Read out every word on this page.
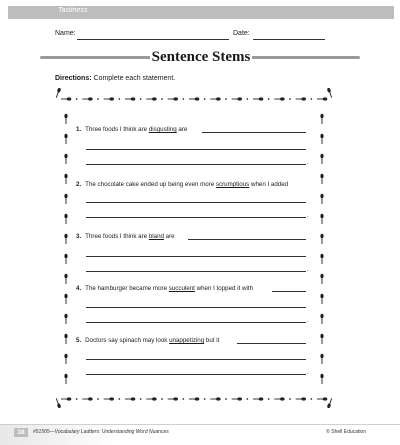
Tastiness
Name:	Date:
Sentence Stems
Directions: Complete each statement.
1. Three foods I think are disgusting are
.
2. The chocolate cake ended up being even more scrumptious when I added
.
3. Three foods I think are bland are
.
4. The hamburger became more succulent when I topped it with
.
5. Doctors say spinach may look unappetizing but it
.
38	#51505—Vocabulary Ladders: Understanding Word Nuances	© Shell Education
